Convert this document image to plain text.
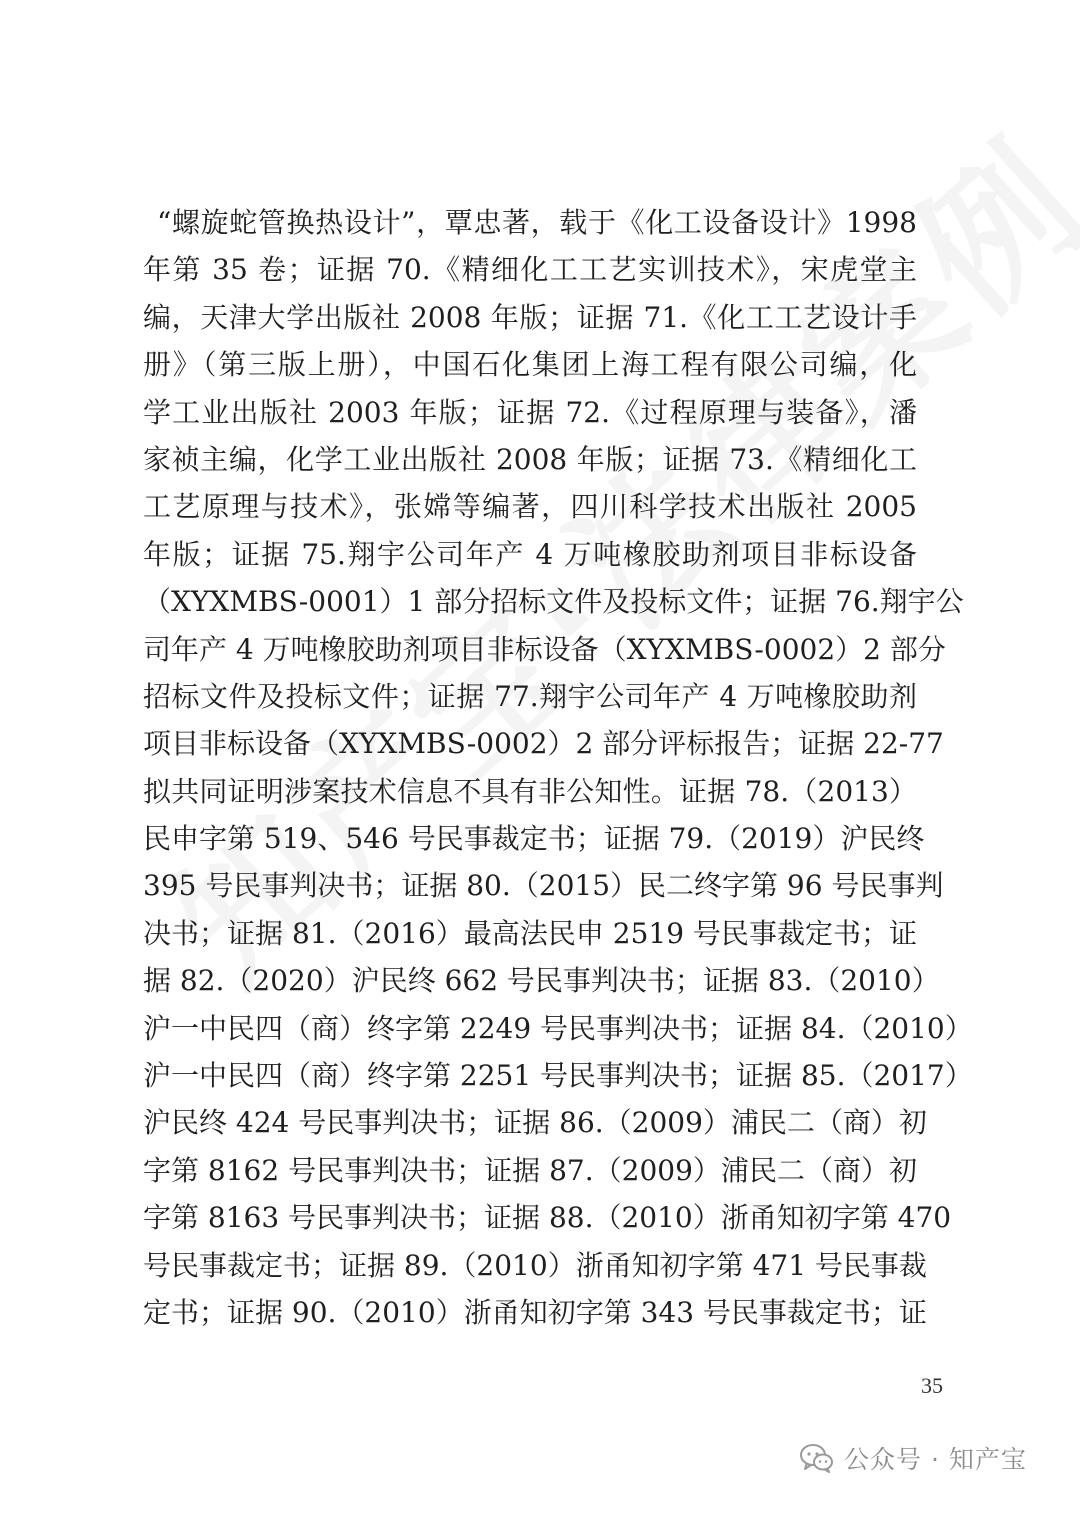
“螺旋蛇管换热设计”，覃忠著，载于《化工设备设计》1998
年第 35 卷；证据 70.《精细化工工艺实训技术》，宋虎堂主
编，天津大学出版社 2008 年版；证据 71.《化工工艺设计手
册》（第三版上册），中国石化集团上海工程有限公司编，化
学工业出版社 2003 年版；证据 72.《过程原理与装备》，潘
家祯主编，化学工业出版社 2008 年版；证据 73.《精细化工
工艺原理与技术》，张嫦等编著，四川科学技术出版社 2005
年版；证据 75.翔宇公司年产 4 万吨橡胶助剂项目非标设备
（XYXMBS-0001）1 部分招标文件及投标文件；证据 76.翔宇公
司年产 4 万吨橡胶助剂项目非标设备（XYXMBS-0002）2 部分
招标文件及投标文件；证据 77.翔宇公司年产 4 万吨橡胶助剂
项目非标设备（XYXMBS-0002）2 部分评标报告；证据 22-77
拟共同证明涉案技术信息不具有非公知性。证据 78.（2013）
民申字第 519、546 号民事裁定书；证据 79.（2019）沪民终
395 号民事判决书；证据 80.（2015）民二终字第 96 号民事判
决书；证据 81.（2016）最高法民申 2519 号民事裁定书；证
据 82.（2020）沪民终 662 号民事判决书；证据 83.（2010）
沪一中民四（商）终字第 2249 号民事判决书；证据 84.（2010）
沪一中民四（商）终字第 2251 号民事判决书；证据 85.（2017）
沪民终 424 号民事判决书；证据 86.（2009）浦民二（商）初
字第 8162 号民事判决书；证据 87.（2009）浦民二（商）初
字第 8163 号民事判决书；证据 88.（2010）浙甬知初字第 470
号民事裁定书；证据 89.（2010）浙甬知初字第 471 号民事裁
定书；证据 90.（2010）浙甬知初字第 343 号民事裁定书；证
35
公众号 · 知产宝
